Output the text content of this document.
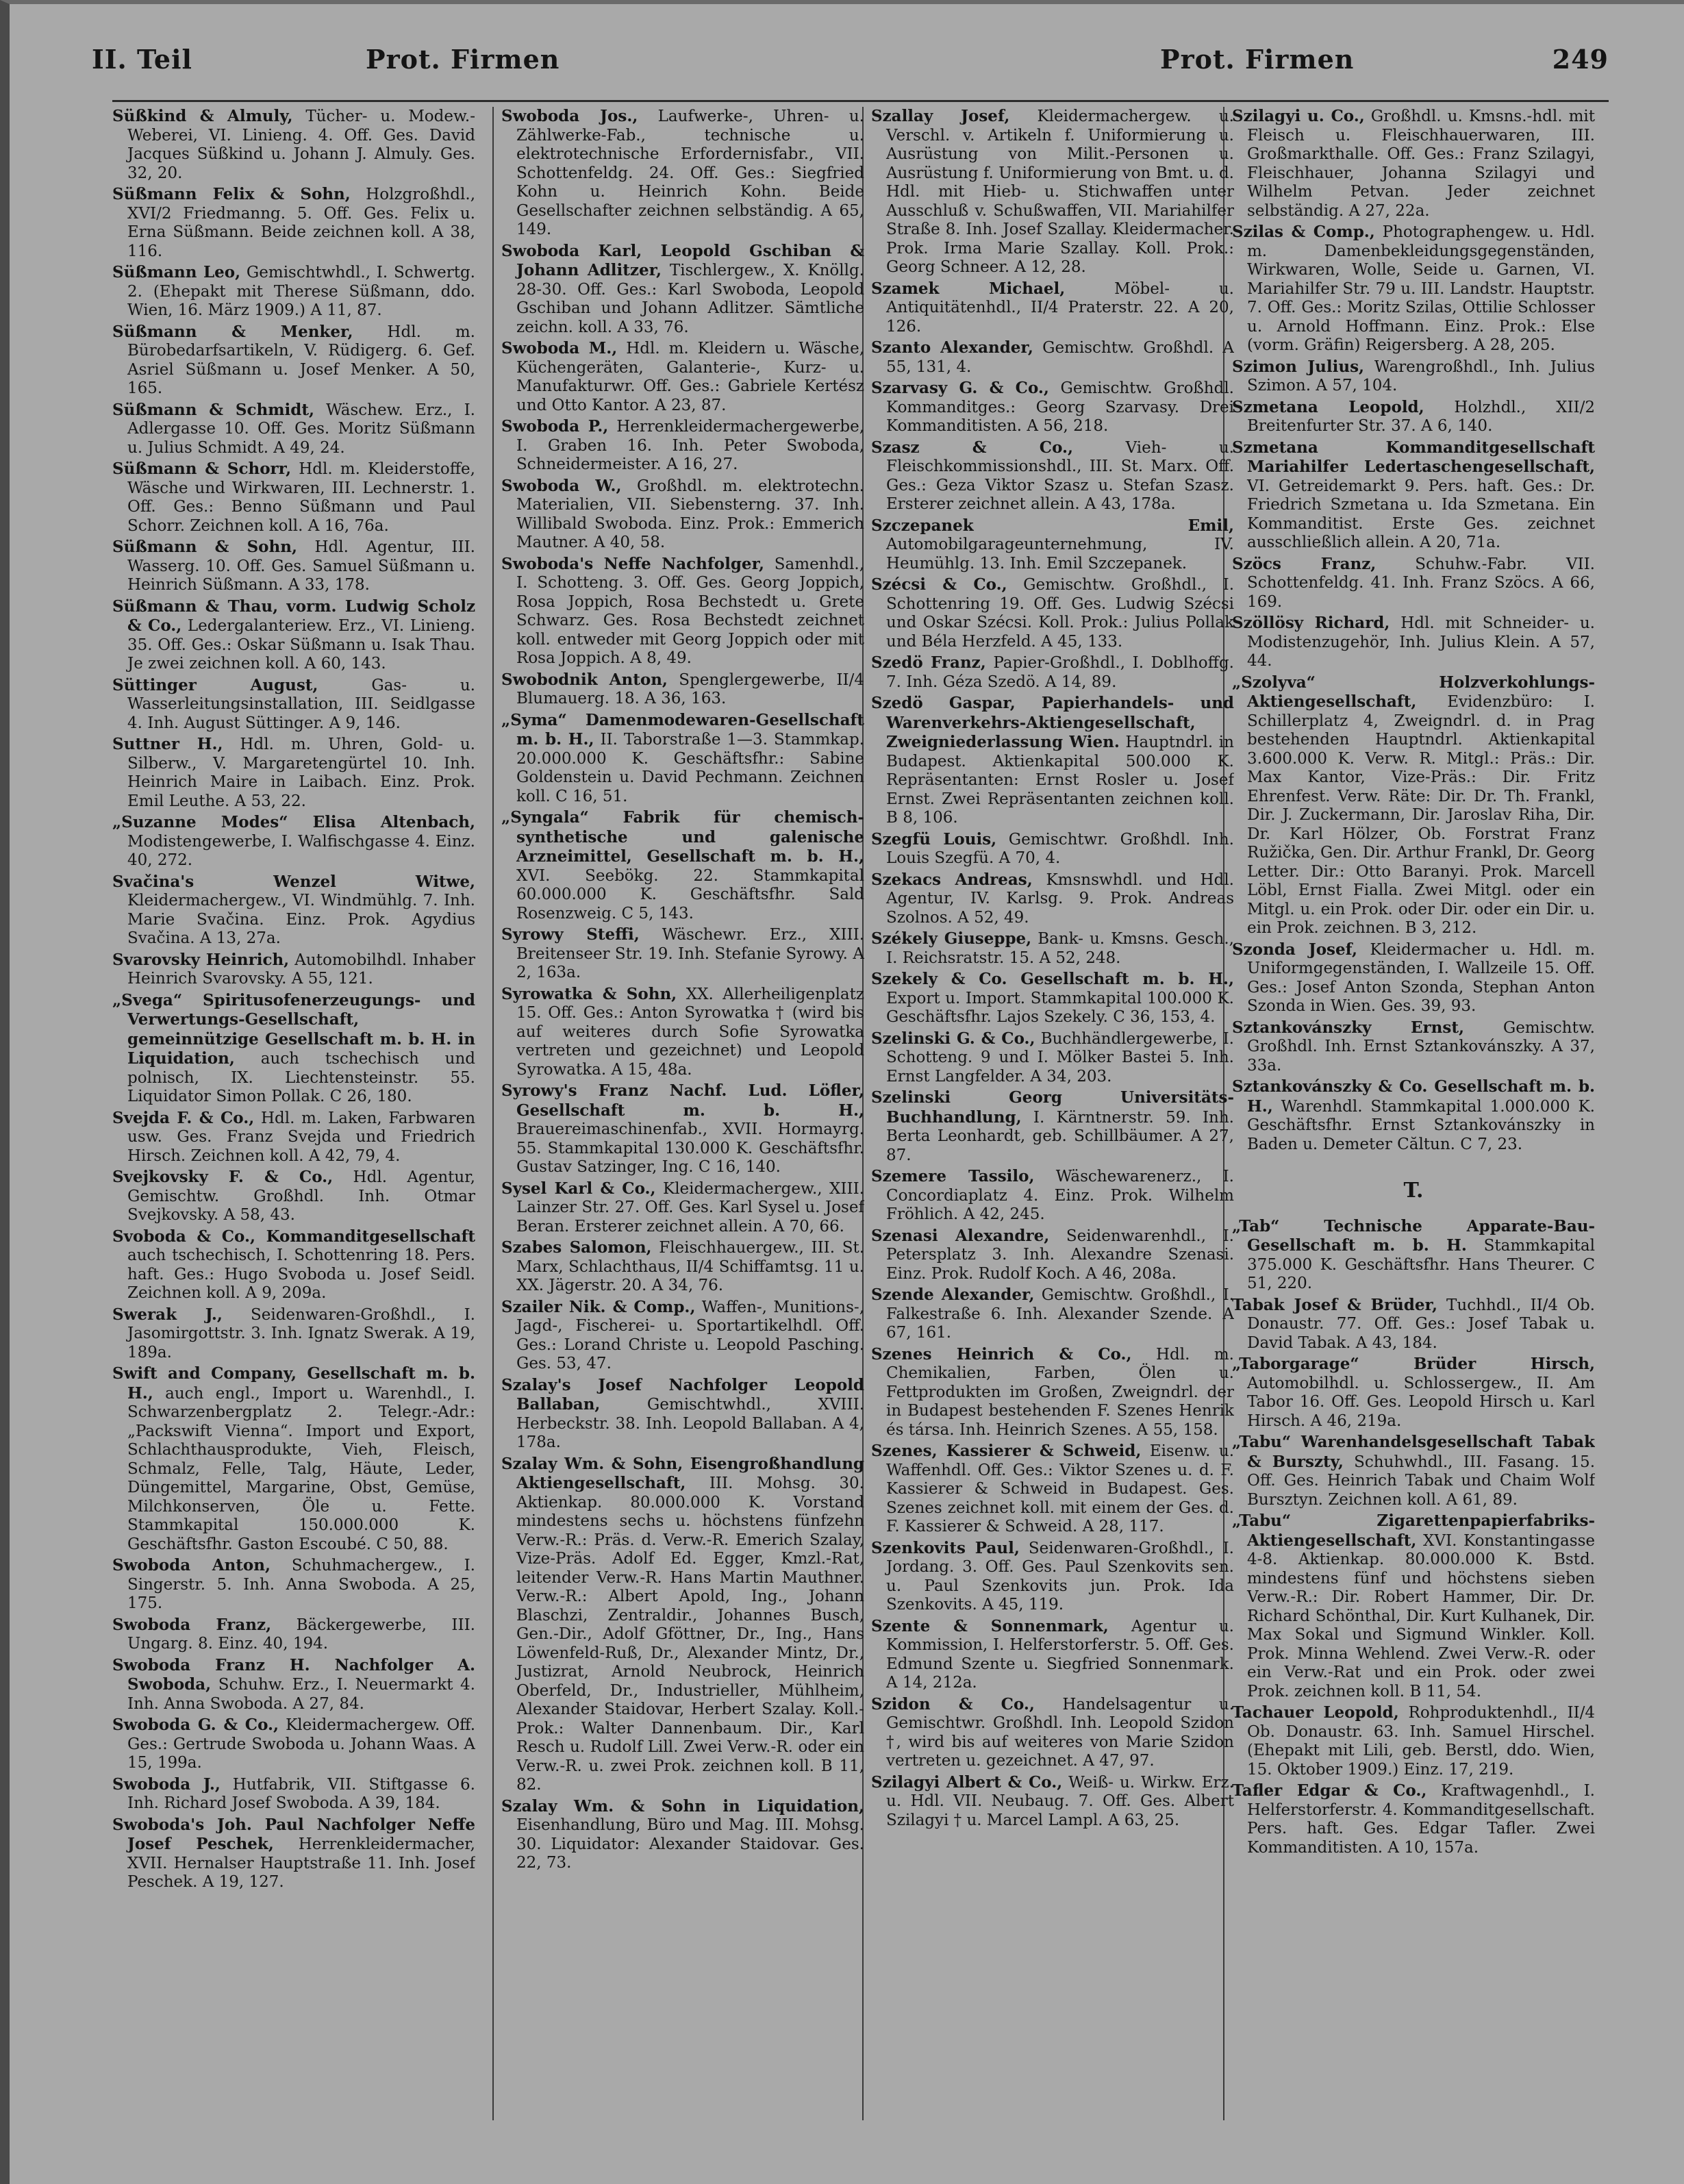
II. Teil	Prot. Firmen	Prot. Firmen	249
Süßkind & Almuly, Tücher- u. Modew.-Weberei, VI. Linieng. 4. Off. Ges. David Jacques Süßkind u. Johann J. Almuly. Ges. 32, 20.
Süßmann Felix & Sohn, Holzgroßhdl., XVI/2 Friedmanng. 5. Off. Ges. Felix u. Erna Süßmann. Beide zeichnen koll. A 38, 116.
Süßmann Leo, Gemischtwhdl., I. Schwertg. 2. (Ehepakt mit Therese Süßmann, ddo. Wien, 16. März 1909.) A 11, 87.
Süßmann & Menker, Hdl. m. Bürobedarfsartikeln, V. Rüdigerg. 6. Gef. Asriel Süßmann u. Josef Menker. A 50, 165.
Süßmann & Schmidt, Wäschew. Erz., I. Adlergasse 10. Off. Ges. Moritz Süßmann u. Julius Schmidt. A 49, 24.
Süßmann & Schorr, Hdl. m. Kleiderstoffe, Wäsche und Wirkwaren, III. Lechnerstr. 1. Off. Ges.: Benno Süßmann und Paul Schorr. Zeichnen koll. A 16, 76a.
Süßmann & Sohn, Hdl. Agentur, III. Wasserg. 10. Off. Ges. Samuel Süßmann u. Heinrich Süßmann. A 33, 178.
Süßmann & Thau, vorm. Ludwig Scholz & Co., Ledergalanteriew. Erz., VI. Linieng. 35. Off. Ges.: Oskar Süßmann u. Isak Thau. Je zwei zeichnen koll. A 60, 143.
Süttinger August, Gas- u. Wasserleitungsinstallation, III. Seidlgasse 4. Inh. August Süttinger. A 9, 146.
Suttner H., Hdl. m. Uhren, Gold- u. Silberw., V. Margaretengürtel 10. Inh. Heinrich Maire in Laibach. Einz. Prok. Emil Leuthe. A 53, 22.
„Suzanne Modes“ Elisa Altenbach, Modistengewerbe, I. Walfischgasse 4. Einz. 40, 272.
Svačina's Wenzel Witwe, Kleidermachergew., VI. Windmühlg. 7. Inh. Marie Svačina. Einz. Prok. Agydius Svačina. A 13, 27a.
Svarovsky Heinrich, Automobilhdl. Inhaber Heinrich Svarovsky. A 55, 121.
„Svega“ Spiritusofenerzeugungs- und Verwertungs-Gesellschaft, gemeinnützige Gesellschaft m. b. H. in Liquidation, auch tschechisch und polnisch, IX. Liechtensteinstr. 55. Liquidator Simon Pollak. C 26, 180.
Svejda F. & Co., Hdl. m. Laken, Farbwaren usw. Ges. Franz Svejda und Friedrich Hirsch. Zeichnen koll. A 42, 79, 4.
Svejkovsky F. & Co., Hdl. Agentur, Gemischtw. Großhdl. Inh. Otmar Svejkovsky. A 58, 43.
Svoboda & Co., Kommanditgesellschaft auch tschechisch, I. Schottenring 18. Pers. haft. Ges.: Hugo Svoboda u. Josef Seidl. Zeichnen koll. A 9, 209a.
Swerak J., Seidenwaren-Großhdl., I. Jasomirgottstr. 3. Inh. Ignatz Swerak. A 19, 189a.
Swift and Company, Gesellschaft m. b. H., auch engl., Import u. Warenhdl., I. Schwarzenbergplatz 2. Telegr.-Adr.: „Packswift Vienna“. Import und Export, Schlachthausprodukte, Vieh, Fleisch, Schmalz, Felle, Talg, Häute, Leder, Düngemittel, Margarine, Obst, Gemüse, Milchkonserven, Öle u. Fette. Stammkapital 150.000.000 K. Geschäftsfhr. Gaston Escoubé. C 50, 88.
Swoboda Anton, Schuhmachergew., I. Singerstr. 5. Inh. Anna Swoboda. A 25, 175.
Swoboda Franz, Bäckergewerbe, III. Ungarg. 8. Einz. 40, 194.
Swoboda Franz H. Nachfolger A. Swoboda, Schuhw. Erz., I. Neuermarkt 4. Inh. Anna Swoboda. A 27, 84.
Swoboda G. & Co., Kleidermachergew. Off. Ges.: Gertrude Swoboda u. Johann Waas. A 15, 199a.
Swoboda J., Hutfabrik, VII. Stiftgasse 6. Inh. Richard Josef Swoboda. A 39, 184.
Swoboda's Joh. Paul Nachfolger Neffe Josef Peschek, Herrenkleidermacher, XVII. Hernalser Hauptstraße 11. Inh. Josef Peschek. A 19, 127.
Swoboda Jos., Laufwerke-, Uhren- u. Zählwerke-Fab., technische u. elektrotechnische Erfordernisfabr., VII. Schottenfeldg. 24. Off. Ges.: Siegfried Kohn u. Heinrich Kohn. Beide Gesellschafter zeichnen selbständig. A 65, 149.
Swoboda Karl, Leopold Gschiban & Johann Adlitzer, Tischlergew., X. Knöllg. 28-30. Off. Ges.: Karl Swoboda, Leopold Gschiban und Johann Adlitzer. Sämtliche zeichn. koll. A 33, 76.
Swoboda M., Hdl. m. Kleidern u. Wäsche, Küchengeräten, Galanterie-, Kurz- u. Manufakturwr. Off. Ges.: Gabriele Kertész und Otto Kantor. A 23, 87.
Swoboda P., Herrenkleidermachergewerbe, I. Graben 16. Inh. Peter Swoboda, Schneidermeister. A 16, 27.
Swoboda W., Großhdl. m. elektrotechn. Materialien, VII. Siebensterng. 37. Inh. Willibald Swoboda. Einz. Prok.: Emmerich Mautner. A 40, 58.
Swoboda's Neffe Nachfolger, Samenhdl., I. Schotteng. 3. Off. Ges. Georg Joppich, Rosa Joppich, Rosa Bechstedt u. Grete Schwarz. Ges. Rosa Bechstedt zeichnet koll. entweder mit Georg Joppich oder mit Rosa Joppich. A 8, 49.
Swobodnik Anton, Spenglergewerbe, II/4 Blumauerg. 18. A 36, 163.
„Syma“ Damenmodewaren-Gesellschaft m. b. H., II. Taborstraße 1—3. Stammkap. 20.000.000 K. Geschäftsfhr.: Sabine Goldenstein u. David Pechmann. Zeichnen koll. C 16, 51.
„Syngala“ Fabrik für chemisch-synthetische und galenische Arzneimittel, Gesellschaft m. b. H., XVI. Seebökg. 22. Stammkapital 60.000.000 K. Geschäftsfhr. Sald Rosenzweig. C 5, 143.
Syrowy Steffi, Wäschewr. Erz., XIII. Breitenseer Str. 19. Inh. Stefanie Syrowy. A 2, 163a.
Syrowatka & Sohn, XX. Allerheiligenplatz 15. Off. Ges.: Anton Syrowatka † (wird bis auf weiteres durch Sofie Syrowatka vertreten und gezeichnet) und Leopold Syrowatka. A 15, 48a.
Syrowy's Franz Nachf. Lud. Löfler, Gesellschaft m. b. H., Brauereimaschinenfab., XVII. Hormayrg. 55. Stammkapital 130.000 K. Geschäftsfhr. Gustav Satzinger, Ing. C 16, 140.
Sysel Karl & Co., Kleidermachergew., XIII. Lainzer Str. 27. Off. Ges. Karl Sysel u. Josef Beran. Ersterer zeichnet allein. A 70, 66.
Szabes Salomon, Fleischhauergew., III. St. Marx, Schlachthaus, II/4 Schiffamtsg. 11 u. XX. Jägerstr. 20. A 34, 76.
Szailer Nik. & Comp., Waffen-, Munitions-, Jagd-, Fischerei- u. Sportartikelhdl. Off. Ges.: Lorand Christe u. Leopold Pasching. Ges. 53, 47.
Szalay's Josef Nachfolger Leopold Ballaban, Gemischtwhdl., XVIII. Herbeckstr. 38. Inh. Leopold Ballaban. A 4, 178a.
Szalay Wm. & Sohn, Eisengroßhandlung Aktiengesellschaft, III. Mohsg. 30. Aktienkap. 80.000.000 K. Vorstand mindestens sechs u. höchstens fünfzehn Verw.-R.: Präs. d. Verw.-R. Emerich Szalay, Vize-Präs. Adolf Ed. Egger, Kmzl.-Rat, leitender Verw.-R. Hans Martin Mauthner. Verw.-R.: Albert Apold, Ing., Johann Blaschzi, Zentraldir., Johannes Busch, Gen.-Dir., Adolf Gföttner, Dr., Ing., Hans Löwenfeld-Ruß, Dr., Alexander Mintz, Dr., Justizrat, Arnold Neubrock, Heinrich Oberfeld, Dr., Industrieller, Mühlheim, Alexander Staidovar, Herbert Szalay. Koll.-Prok.: Walter Dannenbaum. Dir., Karl Resch u. Rudolf Lill. Zwei Verw.-R. oder ein Verw.-R. u. zwei Prok. zeichnen koll. B 11, 82.
Szalay Wm. & Sohn in Liquidation, Eisenhandlung, Büro und Mag. III. Mohsg. 30. Liquidator: Alexander Staidovar. Ges. 22, 73.
Szallay Josef, Kleidermachergew. u. Verschl. v. Artikeln f. Uniformierung u. Ausrüstung von Milit.-Personen u. Ausrüstung f. Uniformierung von Bmt. u. d. Hdl. mit Hieb- u. Stichwaffen unter Ausschluß v. Schußwaffen, VII. Mariahilfer Straße 8. Inh. Josef Szallay. Kleidermacher. Prok. Irma Marie Szallay. Koll. Prok.: Georg Schneer. A 12, 28.
Szamek Michael, Möbel- u. Antiquitätenhdl., II/4 Praterstr. 22. A 20, 126.
Szanto Alexander, Gemischtw. Großhdl. A 55, 131, 4.
Szarvasy G. & Co., Gemischtw. Großhdl. Kommanditges.: Georg Szarvasy. Drei Kommanditisten. A 56, 218.
Szasz & Co., Vieh- u. Fleischkommissionshdl., III. St. Marx. Off. Ges.: Geza Viktor Szasz u. Stefan Szasz. Ersterer zeichnet allein. A 43, 178a.
Szczepanek Emil, Automobilgarageunternehmung, IV. Heumühlg. 13. Inh. Emil Szczepanek.
Szécsi & Co., Gemischtw. Großhdl., I. Schottenring 19. Off. Ges. Ludwig Szécsi und Oskar Szécsi. Koll. Prok.: Julius Pollak und Béla Herzfeld. A 45, 133.
Szedö Franz, Papier-Großhdl., I. Doblhoffg. 7. Inh. Géza Szedö. A 14, 89.
Szedö Gaspar, Papierhandels- und Warenverkehrs-Aktiengesellschaft, Zweigniederlassung Wien. Hauptndrl. in Budapest. Aktienkapital 500.000 K. Repräsentanten: Ernst Rosler u. Josef Ernst. Zwei Repräsentanten zeichnen koll. B 8, 106.
Szegfü Louis, Gemischtwr. Großhdl. Inh. Louis Szegfü. A 70, 4.
Szekacs Andreas, Kmsnswhdl. und Hdl. Agentur, IV. Karlsg. 9. Prok. Andreas Szolnos. A 52, 49.
Székely Giuseppe, Bank- u. Kmsns. Gesch., I. Reichsratstr. 15. A 52, 248.
Szekely & Co. Gesellschaft m. b. H., Export u. Import. Stammkapital 100.000 K. Geschäftsfhr. Lajos Szekely. C 36, 153, 4.
Szelinski G. & Co., Buchhändlergewerbe, I. Schotteng. 9 und I. Mölker Bastei 5. Inh. Ernst Langfelder. A 34, 203.
Szelinski Georg Universitäts-Buchhandlung, I. Kärntnerstr. 59. Inh. Berta Leonhardt, geb. Schillbäumer. A 27, 87.
Szemere Tassilo, Wäschewarenerz., I. Concordiaplatz 4. Einz. Prok. Wilhelm Fröhlich. A 42, 245.
Szenasi Alexandre, Seidenwarenhdl., I. Petersplatz 3. Inh. Alexandre Szenasi. Einz. Prok. Rudolf Koch. A 46, 208a.
Szende Alexander, Gemischtw. Großhdl., I. Falkestraße 6. Inh. Alexander Szende. A 67, 161.
Szenes Heinrich & Co., Hdl. m. Chemikalien, Farben, Ölen u. Fettprodukten im Großen, Zweigndrl. der in Budapest bestehenden F. Szenes Henrik és társa. Inh. Heinrich Szenes. A 55, 158.
Szenes, Kassierer & Schweid, Eisenw. u. Waffenhdl. Off. Ges.: Viktor Szenes u. d. F. Kassierer & Schweid in Budapest. Ges. Szenes zeichnet koll. mit einem der Ges. d. F. Kassierer & Schweid. A 28, 117.
Szenkovits Paul, Seidenwaren-Großhdl., I. Jordang. 3. Off. Ges. Paul Szenkovits sen. u. Paul Szenkovits jun. Prok. Ida Szenkovits. A 45, 119.
Szente & Sonnenmark, Agentur u. Kommission, I. Helferstorferstr. 5. Off. Ges. Edmund Szente u. Siegfried Sonnenmark. A 14, 212a.
Szidon & Co., Handelsagentur u. Gemischtwr. Großhdl. Inh. Leopold Szidon †, wird bis auf weiteres von Marie Szidon vertreten u. gezeichnet. A 47, 97.
Szilagyi Albert & Co., Weiß- u. Wirkw. Erz. u. Hdl. VII. Neubaug. 7. Off. Ges. Albert Szilagyi † u. Marcel Lampl. A 63, 25.
Szilagyi u. Co., Großhdl. u. Kmsns.-hdl. mit Fleisch u. Fleischhauerwaren, III. Großmarkthalle. Off. Ges.: Franz Szilagyi, Fleischhauer, Johanna Szilagyi und Wilhelm Petvan. Jeder zeichnet selbständig. A 27, 22a.
Szilas & Comp., Photographengew. u. Hdl. m. Damenbekleidungsgegenständen, Wirkwaren, Wolle, Seide u. Garnen, VI. Mariahilfer Str. 79 u. III. Landstr. Hauptstr. 7. Off. Ges.: Moritz Szilas, Ottilie Schlosser u. Arnold Hoffmann. Einz. Prok.: Else (vorm. Gräfin) Reigersberg. A 28, 205.
Szimon Julius, Warengroßhdl., Inh. Julius Szimon. A 57, 104.
Szmetana Leopold, Holzhdl., XII/2 Breitenfurter Str. 37. A 6, 140.
Szmetana Kommanditgesellschaft Mariahilfer Ledertaschengesellschaft, VI. Getreidemarkt 9. Pers. haft. Ges.: Dr. Friedrich Szmetana u. Ida Szmetana. Ein Kommanditist. Erste Ges. zeichnet ausschließlich allein. A 20, 71a.
Szöcs Franz, Schuhw.-Fabr. VII. Schottenfeldg. 41. Inh. Franz Szöcs. A 66, 169.
Szöllösy Richard, Hdl. mit Schneider- u. Modistenzugehör, Inh. Julius Klein. A 57, 44.
„Szolyva“ Holzverkohlungs-Aktiengesellschaft, Evidenzbüro: I. Schillerplatz 4, Zweigndrl. d. in Prag bestehenden Hauptndrl. Aktienkapital 3.600.000 K. Verw. R. Mitgl.: Präs.: Dir. Max Kantor, Vize-Präs.: Dir. Fritz Ehrenfest. Verw. Räte: Dir. Dr. Th. Frankl, Dir. J. Zuckermann, Dir. Jaroslav Riha, Dir. Dr. Karl Hölzer, Ob. Forstrat Franz Ružička, Gen. Dir. Arthur Frankl, Dr. Georg Letter. Dir.: Otto Baranyi. Prok. Marcell Löbl, Ernst Fialla. Zwei Mitgl. oder ein Mitgl. u. ein Prok. oder Dir. oder ein Dir. u. ein Prok. zeichnen. B 3, 212.
Szonda Josef, Kleidermacher u. Hdl. m. Uniformgegenständen, I. Wallzeile 15. Off. Ges.: Josef Anton Szonda, Stephan Anton Szonda in Wien. Ges. 39, 93.
Sztankovánszky Ernst, Gemischtw. Großhdl. Inh. Ernst Sztankovánszky. A 37, 33a.
Sztankovánszky & Co. Gesellschaft m. b. H., Warenhdl. Stammkapital 1.000.000 K. Geschäftsfhr. Ernst Sztankovánszky in Baden u. Demeter Căltun. C 7, 23.
T.
„Tab“ Technische Apparate-Bau-Gesellschaft m. b. H. Stammkapital 375.000 K. Geschäftsfhr. Hans Theurer. C 51, 220.
Tabak Josef & Brüder, Tuchhdl., II/4 Ob. Donaustr. 77. Off. Ges.: Josef Tabak u. David Tabak. A 43, 184.
„Taborgarage“ Brüder Hirsch, Automobilhdl. u. Schlossergew., II. Am Tabor 16. Off. Ges. Leopold Hirsch u. Karl Hirsch. A 46, 219a.
„Tabu“ Warenhandelsgesellschaft Tabak & Burszty, Schuhwhdl., III. Fasang. 15. Off. Ges. Heinrich Tabak und Chaim Wolf Bursztyn. Zeichnen koll. A 61, 89.
„Tabu“ Zigarettenpapierfabriks-Aktiengesellschaft, XVI. Konstantingasse 4-8. Aktienkap. 80.000.000 K. Bstd. mindestens fünf und höchstens sieben Verw.-R.: Dir. Robert Hammer, Dir. Dr. Richard Schönthal, Dir. Kurt Kulhanek, Dir. Max Sokal und Sigmund Winkler. Koll. Prok. Minna Wehlend. Zwei Verw.-R. oder ein Verw.-Rat und ein Prok. oder zwei Prok. zeichnen koll. B 11, 54.
Tachauer Leopold, Rohproduktenhdl., II/4 Ob. Donaustr. 63. Inh. Samuel Hirschel. (Ehepakt mit Lili, geb. Berstl, ddo. Wien, 15. Oktober 1909.) Einz. 17, 219.
Tafler Edgar & Co., Kraftwagenhdl., I. Helferstorferstr. 4. Kommanditgesellschaft. Pers. haft. Ges. Edgar Tafler. Zwei Kommanditisten. A 10, 157a.
